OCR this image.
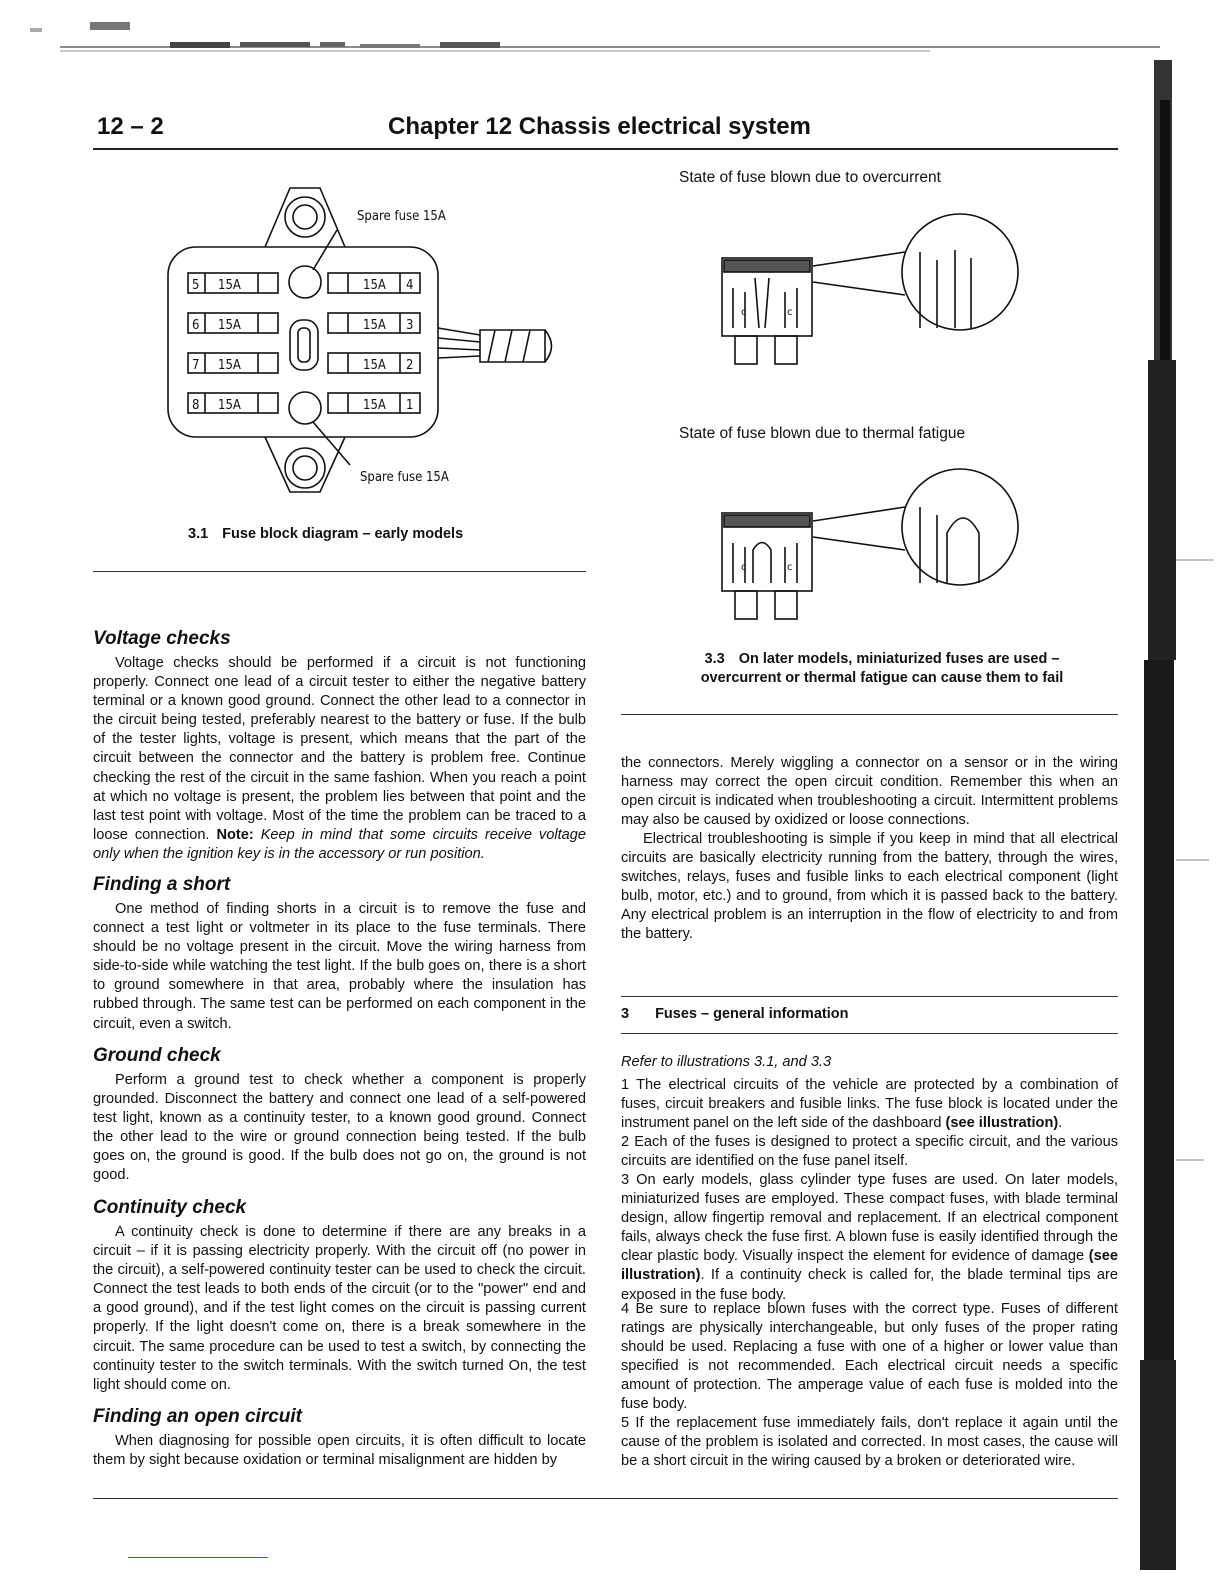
12 – 2	Chapter 12 Chassis electrical system
Spare fuse 15A
Spare fuse 15A
5 15A
6 15A
7 15A
8 15A
15A 4
15A 3
15A 2
15A 1
3.1 Fuse block diagram – early models
State of fuse blown due to overcurrent
c	c
State of fuse blown due to thermal fatigue
c	c
3.3 On later models, miniaturized fuses are used –
overcurrent or thermal fatigue can cause them to fail
Voltage checks

Voltage checks should be performed if a circuit is not functioning properly. Connect one lead of a circuit tester to either the negative battery terminal or a known good ground. Connect the other lead to a connector in the circuit being tested, preferably nearest to the battery or fuse. If the bulb of the tester lights, voltage is present, which means that the part of the circuit between the connector and the battery is problem free. Continue checking the rest of the circuit in the same fashion. When you reach a point at which no voltage is present, the problem lies between that point and the last test point with voltage. Most of the time the problem can be traced to a loose connection. Note: Keep in mind that some circuits receive voltage only when the ignition key is in the accessory or run position.

Finding a short

One method of finding shorts in a circuit is to remove the fuse and connect a test light or voltmeter in its place to the fuse terminals. There should be no voltage present in the circuit. Move the wiring harness from side-to-side while watching the test light. If the bulb goes on, there is a short to ground somewhere in that area, probably where the insulation has rubbed through. The same test can be performed on each component in the circuit, even a switch.

Ground check

Perform a ground test to check whether a component is properly grounded. Disconnect the battery and connect one lead of a self-powered test light, known as a continuity tester, to a known good ground. Connect the other lead to the wire or ground connection being tested. If the bulb goes on, the ground is good. If the bulb does not go on, the ground is not good.

Continuity check

A continuity check is done to determine if there are any breaks in a circuit – if it is passing electricity properly. With the circuit off (no power in the circuit), a self-powered continuity tester can be used to check the circuit. Connect the test leads to both ends of the circuit (or to the "power" end and a good ground), and if the test light comes on the circuit is passing current properly. If the light doesn't come on, there is a break somewhere in the circuit. The same procedure can be used to test a switch, by connecting the continuity tester to the switch terminals. With the switch turned On, the test light should come on.

Finding an open circuit

When diagnosing for possible open circuits, it is often difficult to locate them by sight because oxidation or terminal misalignment are hidden by

the connectors. Merely wiggling a connector on a sensor or in the wiring harness may correct the open circuit condition. Remember this when an open circuit is indicated when troubleshooting a circuit. Intermittent problems may also be caused by oxidized or loose connections.

Electrical troubleshooting is simple if you keep in mind that all electrical circuits are basically electricity running from the battery, through the wires, switches, relays, fuses and fusible links to each electrical component (light bulb, motor, etc.) and to ground, from which it is passed back to the battery. Any electrical problem is an interruption in the flow of electricity to and from the battery.

3 Fuses – general information

Refer to illustrations 3.1, and 3.3

1 The electrical circuits of the vehicle are protected by a combination of fuses, circuit breakers and fusible links. The fuse block is located under the instrument panel on the left side of the dashboard (see illustration).

2 Each of the fuses is designed to protect a specific circuit, and the various circuits are identified on the fuse panel itself.

3 On early models, glass cylinder type fuses are used. On later models, miniaturized fuses are employed. These compact fuses, with blade terminal design, allow fingertip removal and replacement. If an electrical component fails, always check the fuse first. A blown fuse is easily identified through the clear plastic body. Visually inspect the element for evidence of damage (see illustration). If a continuity check is called for, the blade terminal tips are exposed in the fuse body.

4 Be sure to replace blown fuses with the correct type. Fuses of different ratings are physically interchangeable, but only fuses of the proper rating should be used. Replacing a fuse with one of a higher or lower value than specified is not recommended. Each electrical circuit needs a specific amount of protection. The amperage value of each fuse is molded into the fuse body.

5 If the replacement fuse immediately fails, don't replace it again until the cause of the problem is isolated and corrected. In most cases, the cause will be a short circuit in the wiring caused by a broken or deteriorated wire.
